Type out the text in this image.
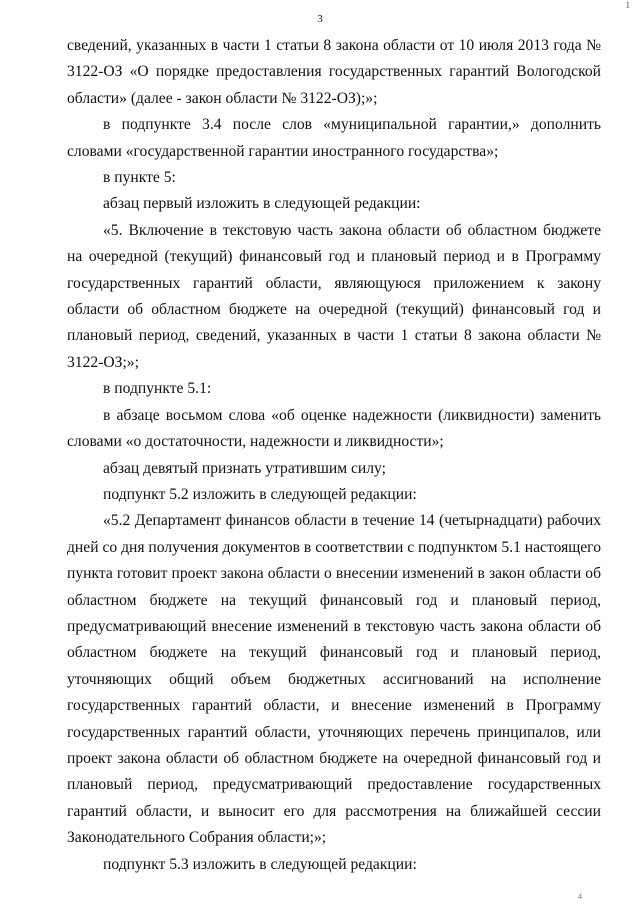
1
3

сведений, указанных в части 1 статьи 8 закона области от 10 июля 2013 года № 3122-ОЗ «О порядке предоставления государственных гарантий Вологодской области» (далее - закон области № 3122-ОЗ);»;

в подпункте 3.4 после слов «муниципальной гарантии,» дополнить словами «государственной гарантии иностранного государства»;

в пункте 5:

абзац первый изложить в следующей редакции:

«5. Включение в текстовую часть закона области об областном бюджете на очередной (текущий) финансовый год и плановый период и в Программу государственных гарантий области, являющуюся приложением к закону области об областном бюджете на очередной (текущий) финансовый год и плановый период, сведений, указанных в части 1 статьи 8 закона области № 3122-ОЗ;»;

в подпункте 5.1:

в абзаце восьмом слова «об оценке надежности (ликвидности) заменить словами «о достаточности, надежности и ликвидности»;

абзац девятый признать утратившим силу;

подпункт 5.2 изложить в следующей редакции:

«5.2 Департамент финансов области в течение 14 (четырнадцати) рабочих дней со дня получения документов в соответствии с подпунктом 5.1 настоящего пункта готовит проект закона области о внесении изменений в закон области об областном бюджете на текущий финансовый год и плановый период, предусматривающий внесение изменений в текстовую часть закона области об областном бюджете на текущий финансовый год и плановый период, уточняющих общий объем бюджетных ассигнований на исполнение государственных гарантий области, и внесение изменений в Программу государственных гарантий области, уточняющих перечень принципалов, или проект закона области об областном бюджете на очередной финансовый год и плановый период, предусматривающий предоставление государственных гарантий области, и выносит его для рассмотрения на ближайшей сессии Законодательного Собрания области;»;

подпункт 5.3 изложить в следующей редакции:

4
